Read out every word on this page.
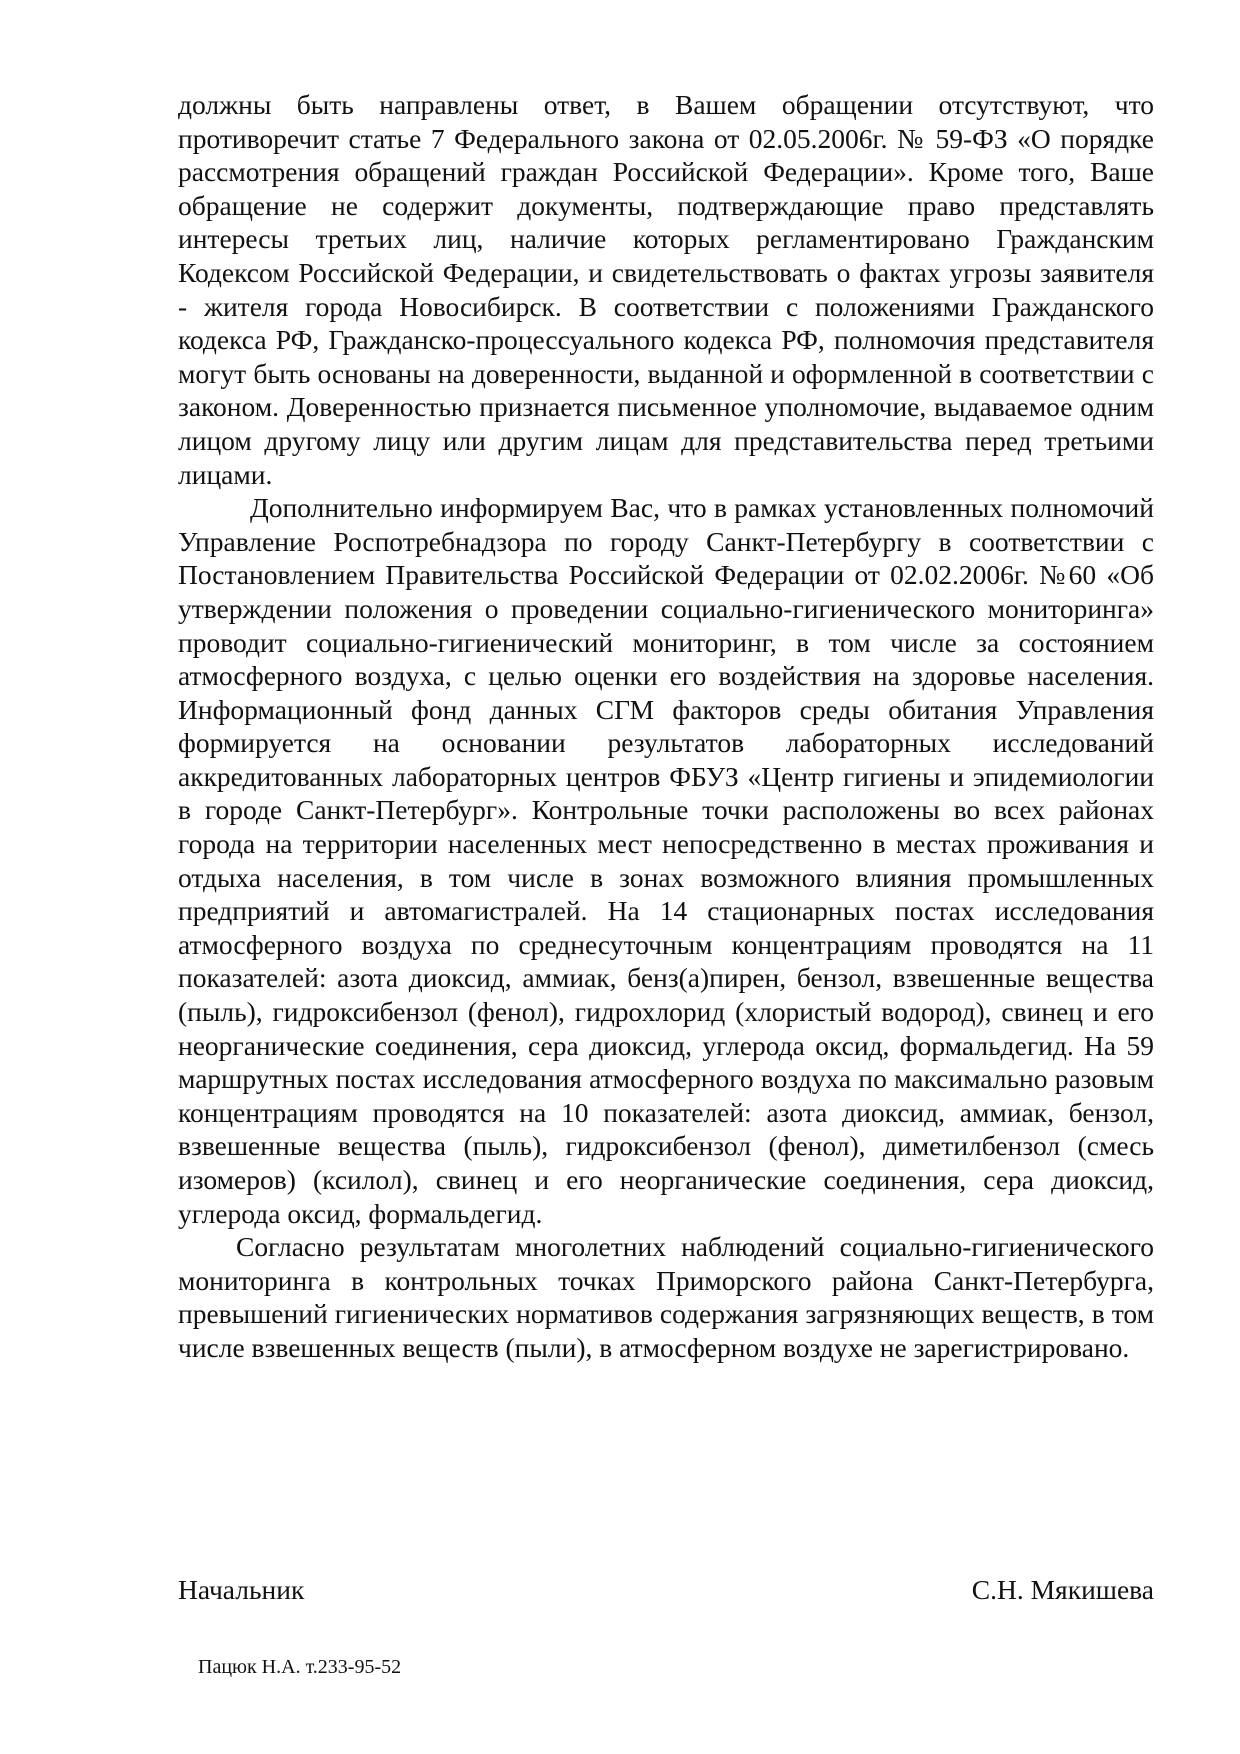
должны быть направлены ответ, в Вашем обращении отсутствуют, что противоречит статье 7 Федерального закона от 02.05.2006г. № 59-ФЗ «О порядке рассмотрения обращений граждан Российской Федерации». Кроме того, Ваше обращение не содержит документы, подтверждающие право представлять интересы третьих лиц, наличие которых регламентировано Гражданским Кодексом Российской Федерации, и свидетельствовать о фактах угрозы заявителя - жителя города Новосибирск. В соответствии с положениями Гражданского кодекса РФ, Гражданско-процессуального кодекса РФ, полномочия представителя могут быть основаны на доверенности, выданной и оформленной в соответствии с законом. Доверенностью признается письменное уполномочие, выдаваемое одним лицом другому лицу или другим лицам для представительства перед третьими лицами.

Дополнительно информируем Вас, что в рамках установленных полномочий Управление Роспотребнадзора по городу Санкт-Петербургу в соответствии с Постановлением Правительства Российской Федерации от 02.02.2006г. №60 «Об утверждении положения о проведении социально-гигиенического мониторинга» проводит социально-гигиенический мониторинг, в том числе за состоянием атмосферного воздуха, с целью оценки его воздействия на здоровье населения. Информационный фонд данных СГМ факторов среды обитания Управления формируется на основании результатов лабораторных исследований аккредитованных лабораторных центров ФБУЗ «Центр гигиены и эпидемиологии в городе Санкт-Петербург». Контрольные точки расположены во всех районах города на территории населенных мест непосредственно в местах проживания и отдыха населения, в том числе в зонах возможного влияния промышленных предприятий и автомагистралей. На 14 стационарных постах исследования атмосферного воздуха по среднесуточным концентрациям проводятся на 11 показателей: азота диоксид, аммиак, бенз(а)пирен, бензол, взвешенные вещества (пыль), гидроксибензол (фенол), гидрохлорид (хлористый водород), свинец и его неорганические соединения, сера диоксид, углерода оксид, формальдегид. На 59 маршрутных постах исследования атмосферного воздуха по максимально разовым концентрациям проводятся на 10 показателей: азота диоксид, аммиак, бензол, взвешенные вещества (пыль), гидроксибензол (фенол), диметилбензол (смесь изомеров) (ксилол), свинец и его неорганические соединения, сера диоксид, углерода оксид, формальдегид.

Согласно результатам многолетних наблюдений социально-гигиенического мониторинга в контрольных точках Приморского района Санкт-Петербурга, превышений гигиенических нормативов содержания загрязняющих веществ, в том числе взвешенных веществ (пыли), в атмосферном воздухе не зарегистрировано.

Начальник	С.Н. Мякишева
Пацюк Н.А. т.233-95-52
